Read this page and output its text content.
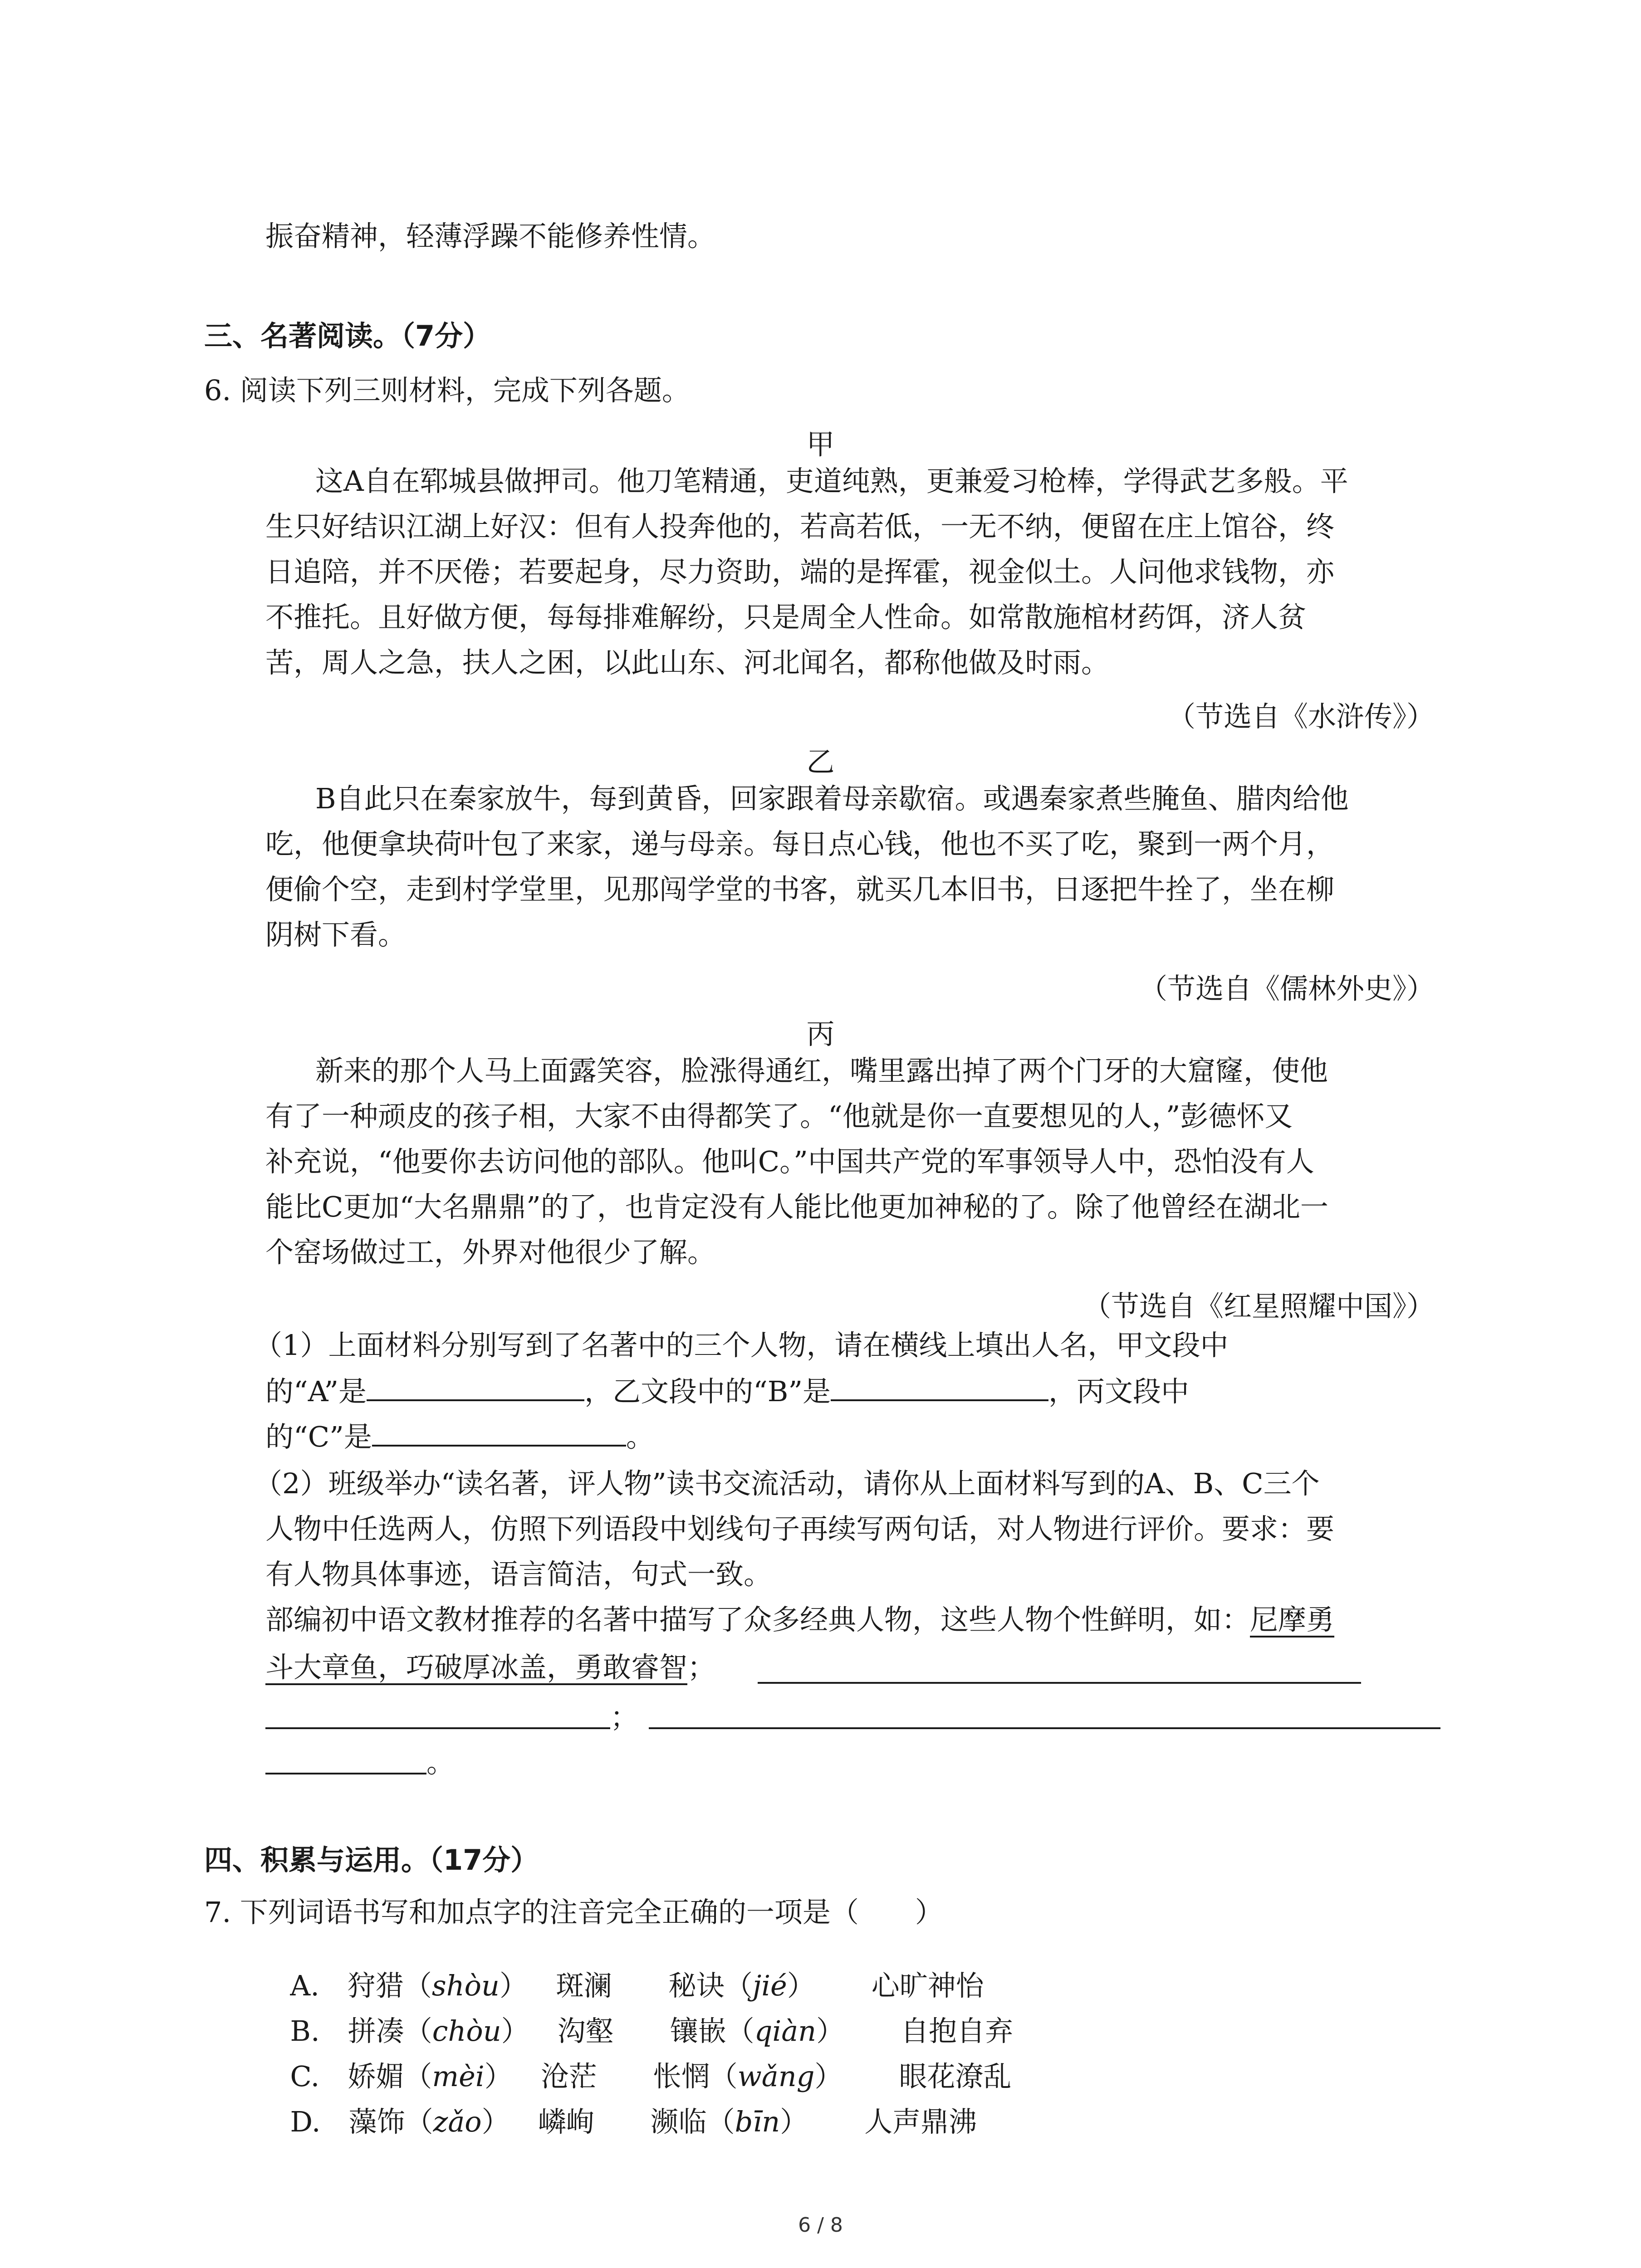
振奋精神，轻薄浮躁不能修养性情。
三、名著阅读。（7分）
6. 阅读下列三则材料，完成下列各题。
甲
这A自在郓城县做押司。他刀笔精通，吏道纯熟，更兼爱习枪棒，学得武艺多般。平
生只好结识江湖上好汉：但有人投奔他的，若高若低，一无不纳，便留在庄上馆谷，终
日追陪，并不厌倦；若要起身，尽力资助，端的是挥霍，视金似土。人问他求钱物，亦
不推托。且好做方便，每每排难解纷，只是周全人性命。如常散施棺材药饵，济人贫
苦，周人之急，扶人之困，以此山东、河北闻名，都称他做及时雨。
（节选自《水浒传》）
乙
B自此只在秦家放牛，每到黄昏，回家跟着母亲歇宿。或遇秦家煮些腌鱼、腊肉给他
吃，他便拿块荷叶包了来家，递与母亲。每日点心钱，他也不买了吃，聚到一两个月，
便偷个空，走到村学堂里，见那闯学堂的书客，就买几本旧书，日逐把牛拴了，坐在柳
阴树下看。
（节选自《儒林外史》）
丙
新来的那个人马上面露笑容，脸涨得通红，嘴里露出掉了两个门牙的大窟窿，使他
有了一种顽皮的孩子相，大家不由得都笑了。“他就是你一直要想见的人，”彭德怀又
补充说，“他要你去访问他的部队。他叫C。”中国共产党的军事领导人中，恐怕没有人
能比C更加“大名鼎鼎”的了，也肯定没有人能比他更加神秘的了。除了他曾经在湖北一
个窑场做过工，外界对他很少了解。
（节选自《红星照耀中国》）
（1）上面材料分别写到了名著中的三个人物，请在横线上填出人名，甲文段中
的“A”是	，乙文段中的“B”是	，丙文段中
的“C”是	。
（2）班级举办“读名著，评人物”读书交流活动，请你从上面材料写到的A、B、C三个
人物中任选两人，仿照下列语段中划线句子再续写两句话，对人物进行评价。要求：要
有人物具体事迹，语言简洁，句式一致。
部编初中语文教材推荐的名著中描写了众多经典人物，这些人物个性鲜明，如：尼摩勇
斗大章鱼，巧破厚冰盖，勇敢睿智；
；
。
四、积累与运用。（17分）
7. 下列词语书写和加点字的注音完全正确的一项是（　　）

A.  狩猎（shòu）  斑澜   秘诀（jié）   心旷神怡

B.  拼凑（chòu）  沟壑   镶嵌（qiàn）   自抱自弃

C.  娇媚（mèi）  沧茫   怅惘（wǎng）   眼花潦乱

D.  藻饰（zǎo）  嶙峋   濒临（bīn）   人声鼎沸

6 / 8
